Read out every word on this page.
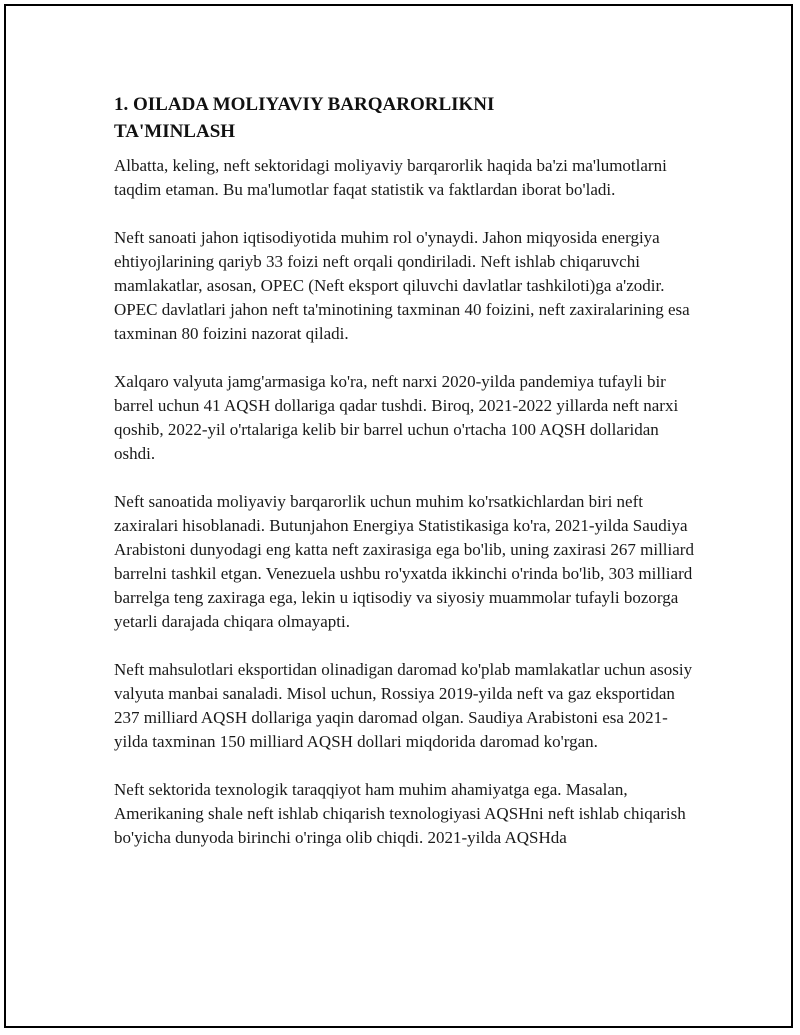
1. OILADA MOLIYAVIY BARQARORLIKNI TA'MINLASH

Albatta, keling, neft sektoridagi moliyaviy barqarorlik haqida ba'zi ma'lumotlarni taqdim etaman. Bu ma'lumotlar faqat statistik va faktlardan iborat bo'ladi.

Neft sanoati jahon iqtisodiyotida muhim rol o'ynaydi. Jahon miqyosida energiya ehtiyojlarining qariyb 33 foizi neft orqali qondiriladi. Neft ishlab chiqaruvchi mamlakatlar, asosan, OPEC (Neft eksport qiluvchi davlatlar tashkiloti)ga a'zodir. OPEC davlatlari jahon neft ta'minotining taxminan 40 foizini, neft zaxiralarining esa taxminan 80 foizini nazorat qiladi.

Xalqaro valyuta jamg'armasiga ko'ra, neft narxi 2020-yilda pandemiya tufayli bir barrel uchun 41 AQSH dollariga qadar tushdi. Biroq, 2021-2022 yillarda neft narxi qoshib, 2022-yil o'rtalariga kelib bir barrel uchun o'rtacha 100 AQSH dollaridan oshdi.

Neft sanoatida moliyaviy barqarorlik uchun muhim ko'rsatkichlardan biri neft zaxiralari hisoblanadi. Butunjahon Energiya Statistikasiga ko'ra, 2021-yilda Saudiya Arabistoni dunyodagi eng katta neft zaxirasiga ega bo'lib, uning zaxirasi 267 milliard barrelni tashkil etgan. Venezuela ushbu ro'yxatda ikkinchi o'rinda bo'lib, 303 milliard barrelga teng zaxiraga ega, lekin u iqtisodiy va siyosiy muammolar tufayli bozorga yetarli darajada chiqara olmayapti.

Neft mahsulotlari eksportidan olinadigan daromad ko'plab mamlakatlar uchun asosiy valyuta manbai sanaladi. Misol uchun, Rossiya 2019-yilda neft va gaz eksportidan 237 milliard AQSH dollariga yaqin daromad olgan. Saudiya Arabistoni esa 2021-yilda taxminan 150 milliard AQSH dollari miqdorida daromad ko'rgan.

Neft sektorida texnologik taraqqiyot ham muhim ahamiyatga ega. Masalan, Amerikaning shale neft ishlab chiqarish texnologiyasi AQSHni neft ishlab chiqarish bo'yicha dunyoda birinchi o'ringa olib chiqdi. 2021-yilda AQSHda
